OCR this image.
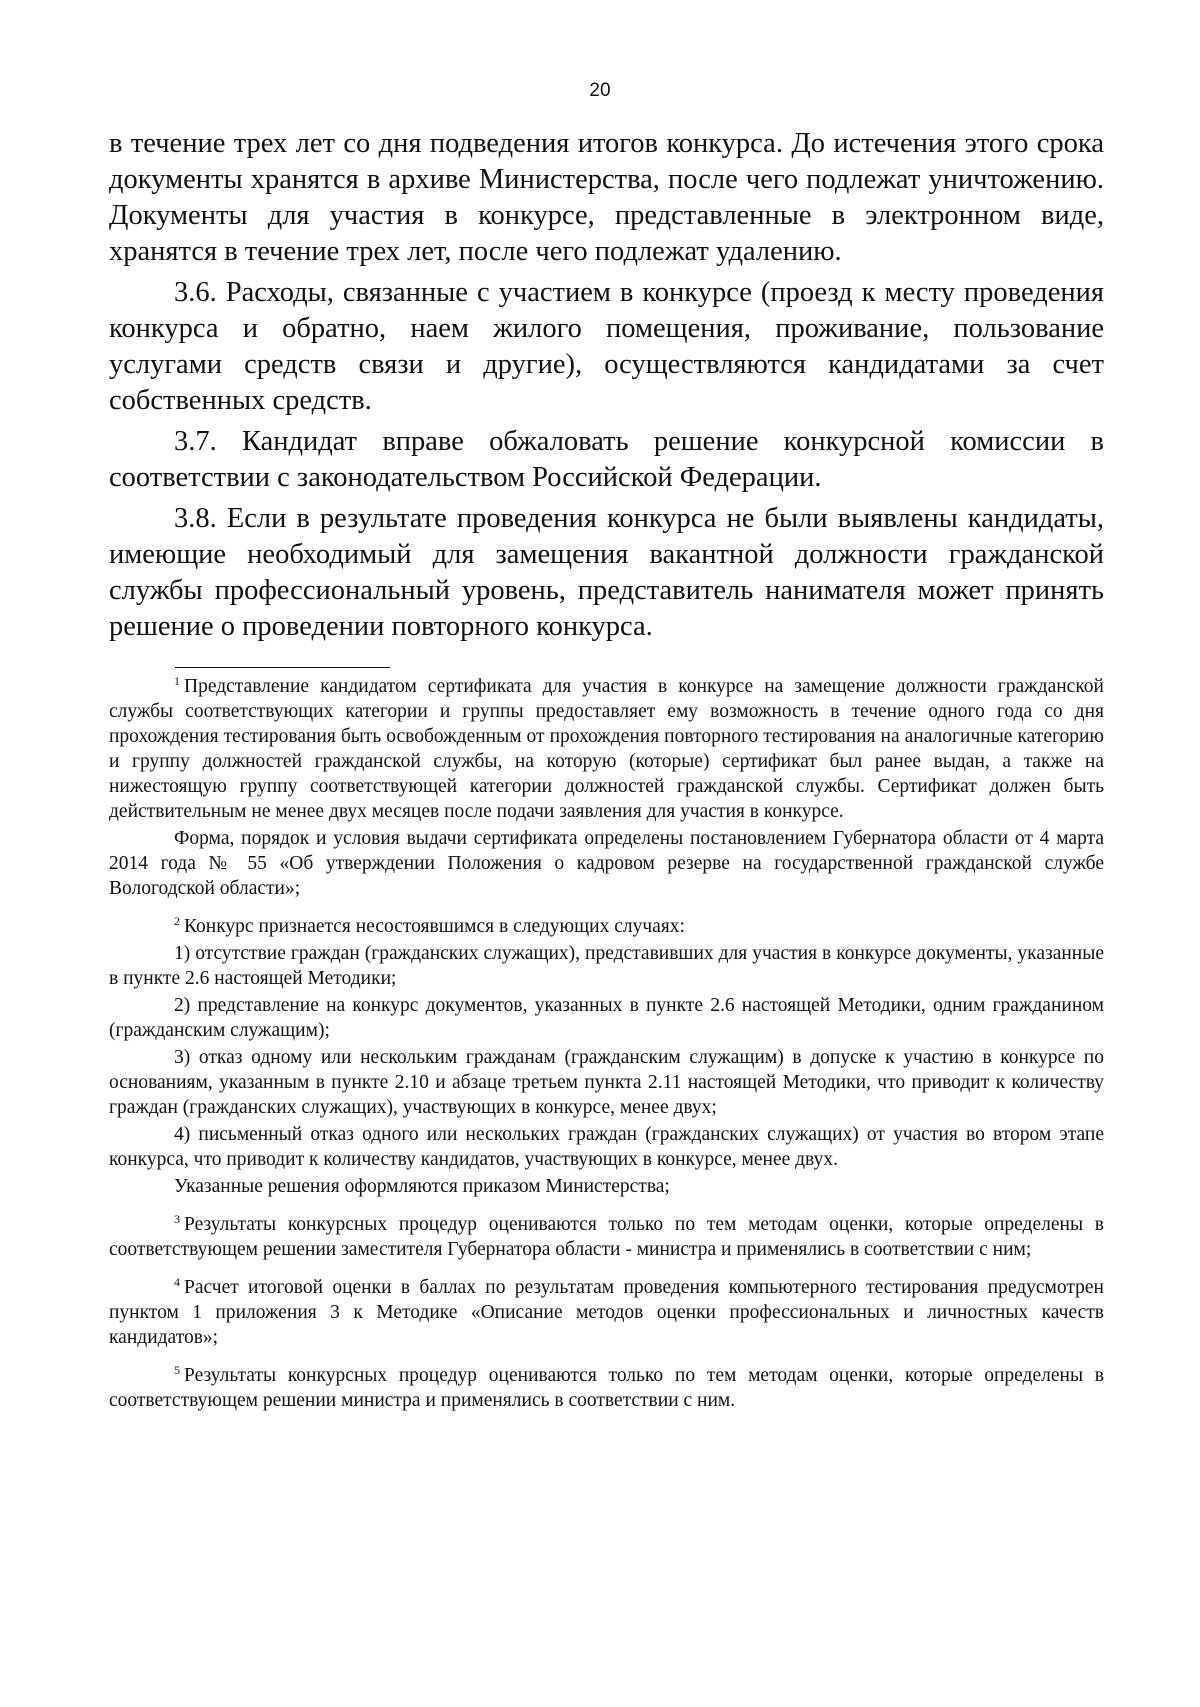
20

в течение трех лет со дня подведения итогов конкурса. До истечения этого срока документы хранятся в архиве Министерства, после чего подлежат уничтожению. Документы для участия в конкурсе, представленные в электронном виде, хранятся в течение трех лет, после чего подлежат удалению.

3.6. Расходы, связанные с участием в конкурсе (проезд к месту проведения конкурса и обратно, наем жилого помещения, проживание, пользование услугами средств связи и другие), осуществляются кандидатами за счет собственных средств.

3.7. Кандидат вправе обжаловать решение конкурсной комиссии в соответствии с законодательством Российской Федерации.

3.8. Если в результате проведения конкурса не были выявлены кандидаты, имеющие необходимый для замещения вакантной должности гражданской службы профессиональный уровень, представитель нанимателя может принять решение о проведении повторного конкурса.

$^1$ Представление кандидатом сертификата для участия в конкурсе на замещение должности гражданской службы соответствующих категории и группы предоставляет ему возможность в течение одного года со дня прохождения тестирования быть освобожденным от прохождения повторного тестирования на аналогичные категорию и группу должностей гражданской службы, на которую (которые) сертификат был ранее выдан, а также на нижестоящую группу соответствующей категории должностей гражданской службы. Сертификат должен быть действительным не менее двух месяцев после подачи заявления для участия в конкурсе.

Форма, порядок и условия выдачи сертификата определены постановлением Губернатора области от 4 марта 2014 года № 55 «Об утверждении Положения о кадровом резерве на государственной гражданской службе Вологодской области»;

$^2$ Конкурс признается несостоявшимся в следующих случаях:

1) отсутствие граждан (гражданских служащих), представивших для участия в конкурсе документы, указанные в пункте 2.6 настоящей Методики;

2) представление на конкурс документов, указанных в пункте 2.6 настоящей Методики, одним гражданином (гражданским служащим);

3) отказ одному или нескольким гражданам (гражданским служащим) в допуске к участию в конкурсе по основаниям, указанным в пункте 2.10 и абзаце третьем пункта 2.11 настоящей Методики, что приводит к количеству граждан (гражданских служащих), участвующих в конкурсе, менее двух;

4) письменный отказ одного или нескольких граждан (гражданских служащих) от участия во втором этапе конкурса, что приводит к количеству кандидатов, участвующих в конкурсе, менее двух.

Указанные решения оформляются приказом Министерства;

$^3$ Результаты конкурсных процедур оцениваются только по тем методам оценки, которые определены в соответствующем решении заместителя Губернатора области - министра и применялись в соответствии с ним;

$^4$ Расчет итоговой оценки в баллах по результатам проведения компьютерного тестирования предусмотрен пунктом 1 приложения 3 к Методике «Описание методов оценки профессиональных и личностных качеств кандидатов»;

$^5$ Результаты конкурсных процедур оцениваются только по тем методам оценки, которые определены в соответствующем решении министра и применялись в соответствии с ним.
